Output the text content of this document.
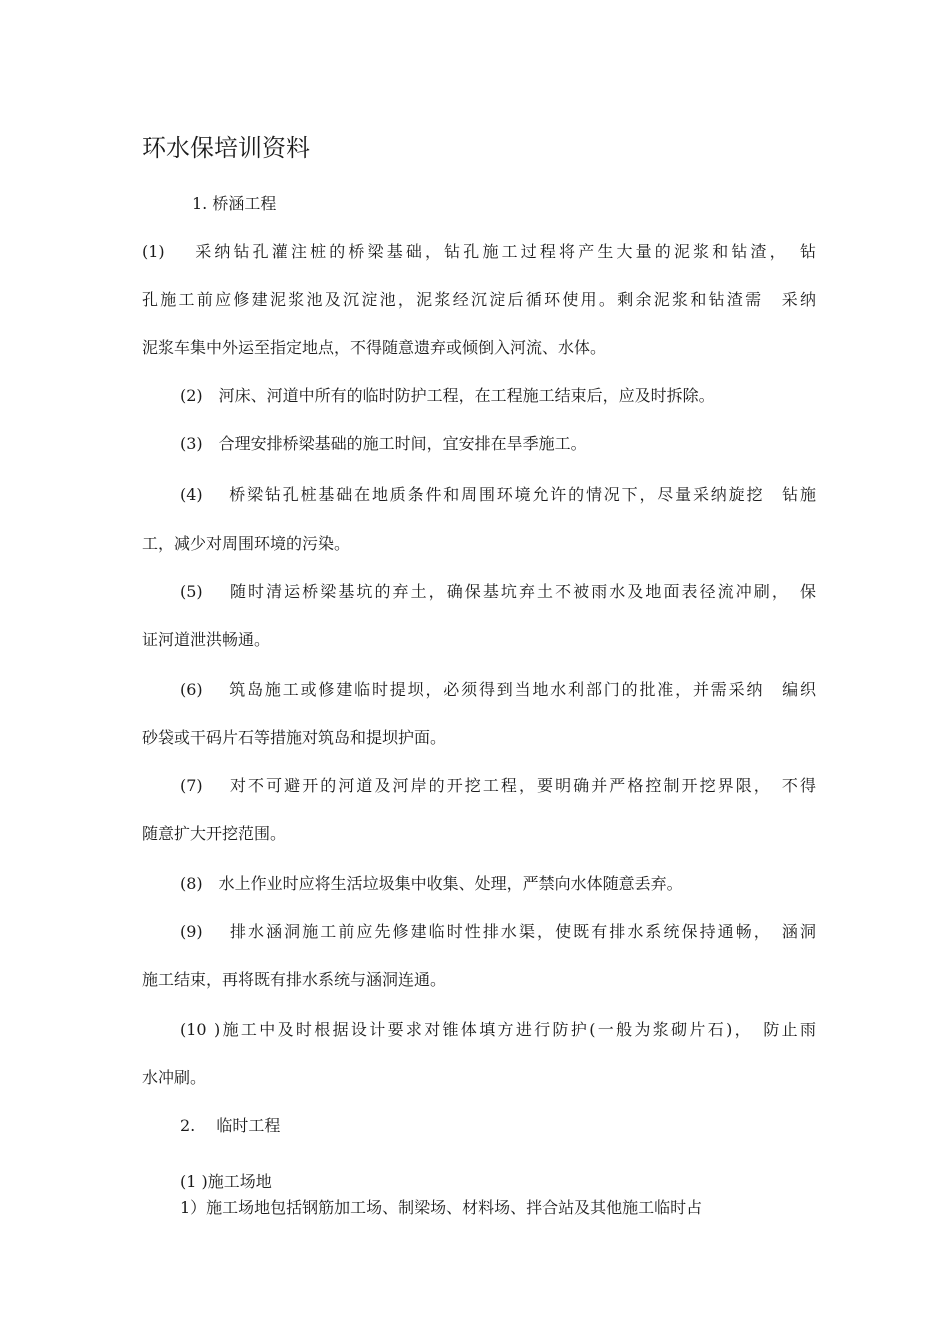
环水保培训资料
1. 桥涵工程
(1)　 采纳钻孔灌注桩的桥梁基础，钻孔施工过程将产生大量的泥浆和钻渣，　钻
孔施工前应修建泥浆池及沉淀池，泥浆经沉淀后循环使用。剩余泥浆和钻渣需　采纳
泥浆车集中外运至指定地点，不得随意遗弃或倾倒入河流、水体。
(2)　河床、河道中所有的临时防护工程，在工程施工结束后，应及时拆除。
(3)　合理安排桥梁基础的施工时间，宜安排在旱季施工。
(4)　 桥梁钻孔桩基础在地质条件和周围环境允许的情况下，尽量采纳旋挖　钻施
工，减少对周围环境的污染。
(5)　 随时清运桥梁基坑的弃土，确保基坑弃土不被雨水及地面表径流冲刷，　保
证河道泄洪畅通。
(6)　 筑岛施工或修建临时提坝，必须得到当地水利部门的批准，并需采纳　编织
砂袋或干码片石等措施对筑岛和提坝护面。
(7)　 对不可避开的河道及河岸的开挖工程，要明确并严格控制开挖界限，　不得
随意扩大开挖范围。
(8)　水上作业时应将生活垃圾集中收集、处理，严禁向水体随意丢弃。
(9)　 排水涵洞施工前应先修建临时性排水渠，使既有排水系统保持通畅，　涵洞
施工结束，再将既有排水系统与涵洞连通。
(10 )施工中及时根据设计要求对锥体填方进行防护(一般为浆砌片石)，　防止雨
水冲刷。
2.　 临时工程
(1 )施工场地
1）施工场地包括钢筋加工场、制梁场、材料场、拌合站及其他施工临时占
